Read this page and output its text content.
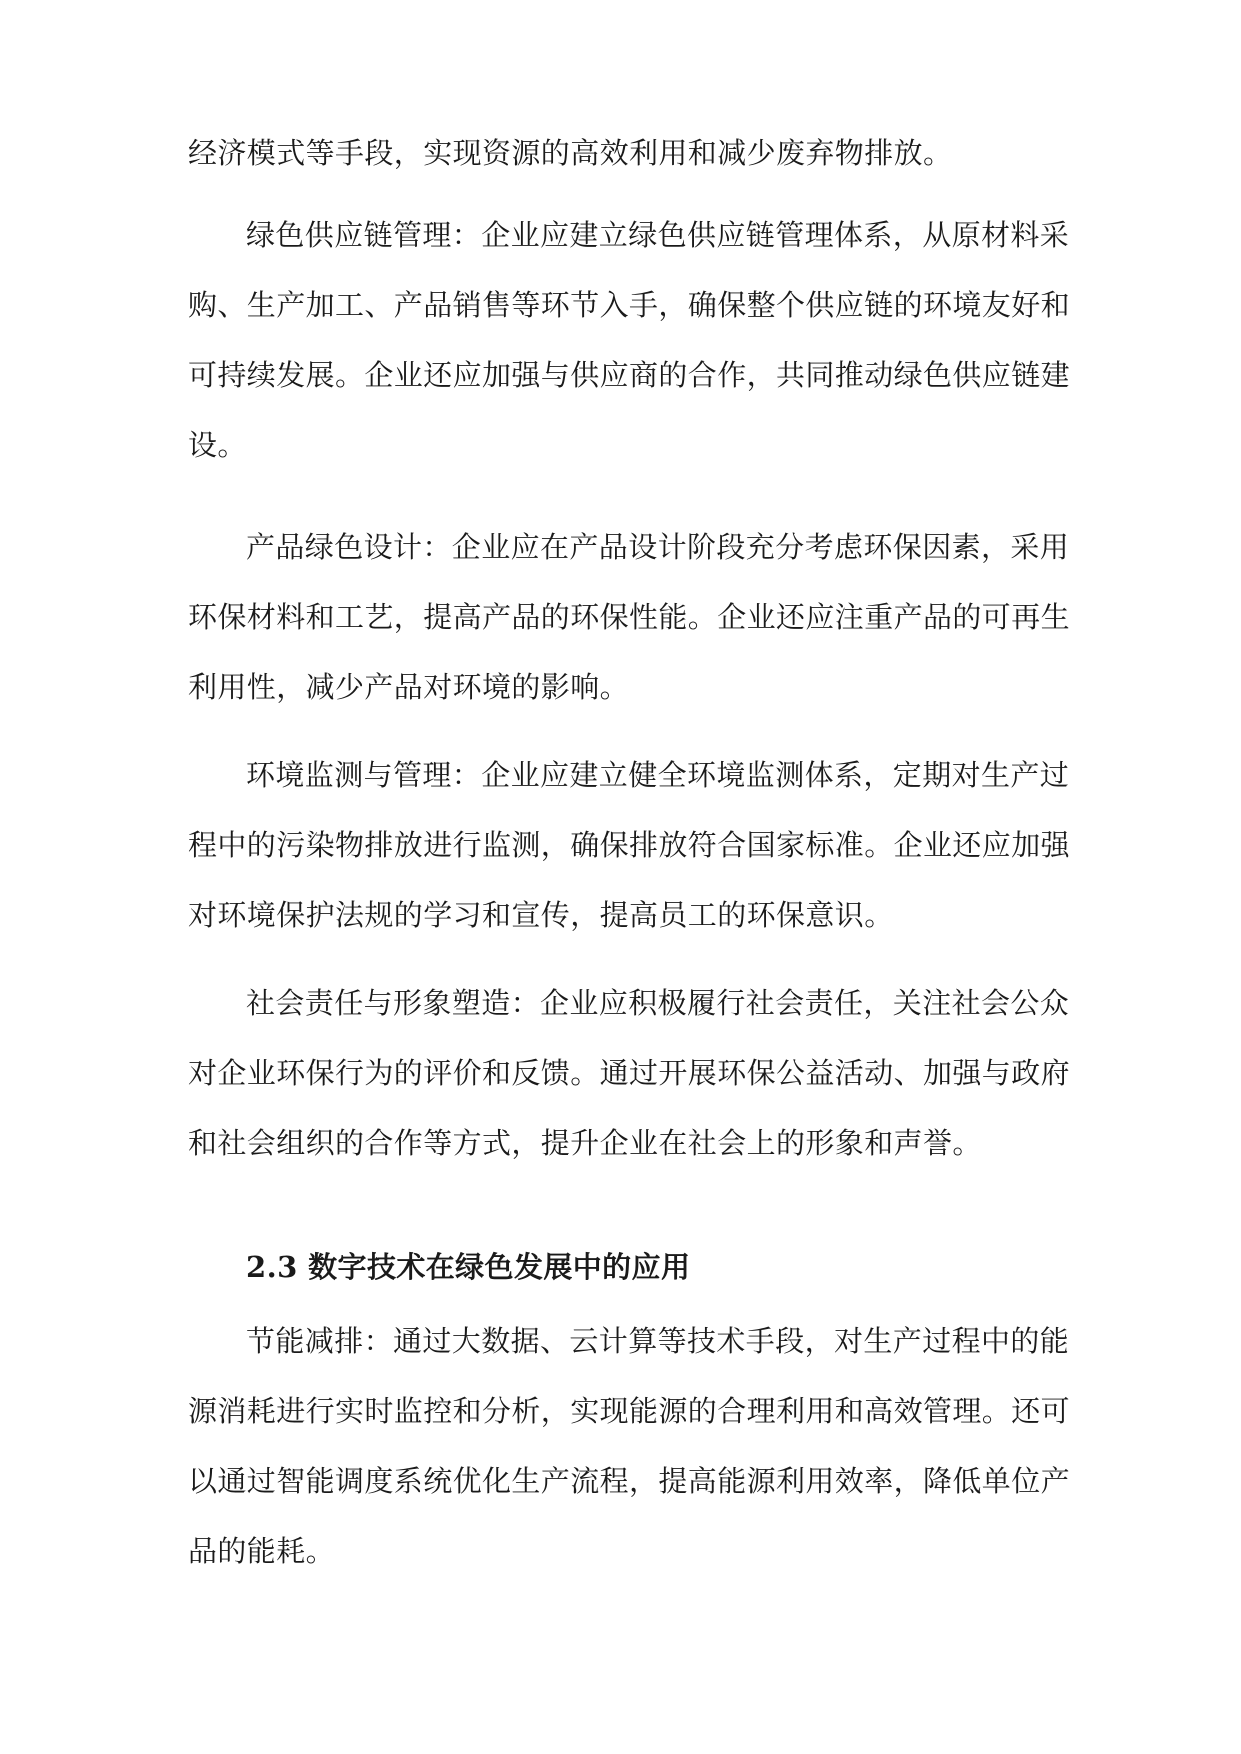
经济模式等手段，实现资源的高效利用和减少废弃物排放。
绿色供应链管理：企业应建立绿色供应链管理体系，从原材料采
购、生产加工、产品销售等环节入手，确保整个供应链的环境友好和
可持续发展。企业还应加强与供应商的合作，共同推动绿色供应链建
设。
产品绿色设计：企业应在产品设计阶段充分考虑环保因素，采用
环保材料和工艺，提高产品的环保性能。企业还应注重产品的可再生
利用性，减少产品对环境的影响。
环境监测与管理：企业应建立健全环境监测体系，定期对生产过
程中的污染物排放进行监测，确保排放符合国家标准。企业还应加强
对环境保护法规的学习和宣传，提高员工的环保意识。
社会责任与形象塑造：企业应积极履行社会责任，关注社会公众
对企业环保行为的评价和反馈。通过开展环保公益活动、加强与政府
和社会组织的合作等方式，提升企业在社会上的形象和声誉。
2.3 数字技术在绿色发展中的应用
节能减排：通过大数据、云计算等技术手段，对生产过程中的能
源消耗进行实时监控和分析，实现能源的合理利用和高效管理。还可
以通过智能调度系统优化生产流程，提高能源利用效率，降低单位产
品的能耗。
